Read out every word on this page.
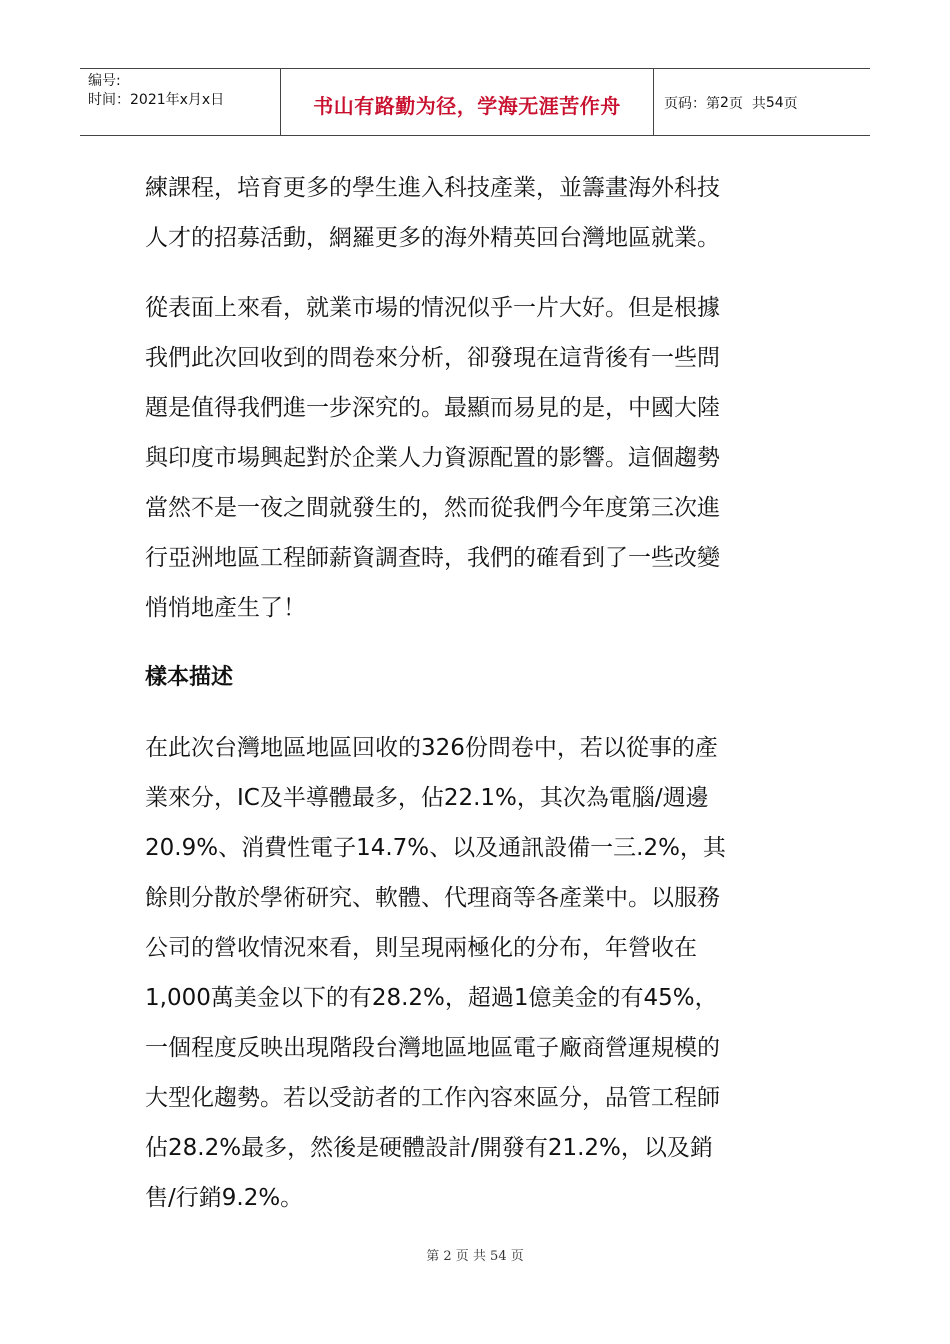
编号:
时间：2021年x月x日	书山有路勤为径，学海无涯苦作舟	页码：第 2 页  共 54 页

練課程，培育更多的學生進入科技產業，並籌畫海外科技
人才的招募活動，網羅更多的海外精英回台灣地區就業。

從表面上來看，就業市場的情況似乎一片大好。但是根據
我們此次回收到的問卷來分析，卻發現在這背後有一些問
題是值得我們進一步深究的。最顯而易見的是，中國大陸
與印度市場興起對於企業人力資源配置的影響。這個趨勢
當然不是一夜之間就發生的，然而從我們今年度第三次進
行亞洲地區工程師薪資調查時，我們的確看到了一些改變
悄悄地產生了！

樣本描述

在此次台灣地區地區回收的326份問卷中，若以從事的產
業來分，IC及半導體最多，佔22.1%，其次為電腦/週邊
20.9%、消費性電子14.7%、以及通訊設備一三.2%，其
餘則分散於學術研究、軟體、代理商等各產業中。以服務
公司的營收情況來看，則呈現兩極化的分布，年營收在
1,000萬美金以下的有28.2%，超過1億美金的有45%，
一個程度反映出現階段台灣地區地區電子廠商營運規模的
大型化趨勢。若以受訪者的工作內容來區分，品管工程師
佔28.2%最多，然後是硬體設計/開發有21.2%，以及銷
售/行銷9.2%。

第 2 页 共 54 页
